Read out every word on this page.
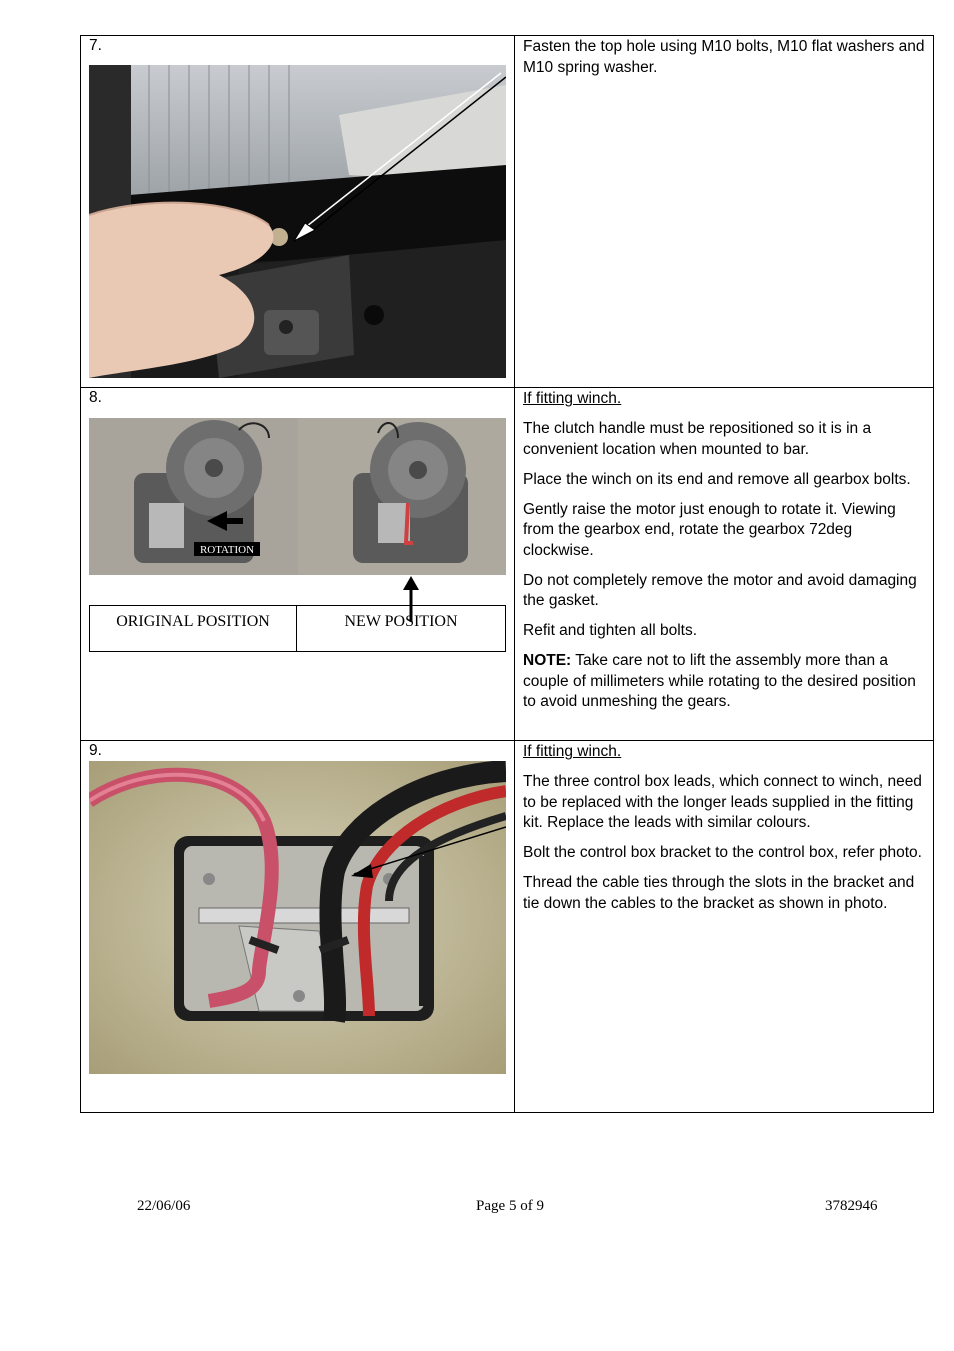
7.	Fasten the top hole using M10 bolts, M10 flat washers and M10 spring washer.

8.
ROTATION
ORIGINAL POSITION	NEW POSITION

If fitting winch.

The clutch handle must be repositioned so it is in a convenient location when mounted to bar.

Place the winch on its end and remove all gearbox bolts.

Gently raise the motor just enough to rotate it. Viewing from the gearbox end, rotate the gearbox 72deg clockwise.

Do not completely remove the motor and avoid damaging the gasket.

Refit and tighten all bolts.

NOTE: Take care not to lift the assembly more than a couple of millimeters while rotating to the desired position to avoid unmeshing the gears.

9.	If fitting winch.

The three control box leads, which connect to winch, need to be replaced with the longer leads supplied in the fitting kit. Replace the leads with similar colours.

Bolt the control box bracket to the control box, refer photo.

Thread the cable ties through the slots in the bracket and tie down the cables to the bracket as shown in photo.

22/06/06	Page 5 of 9	3782946
